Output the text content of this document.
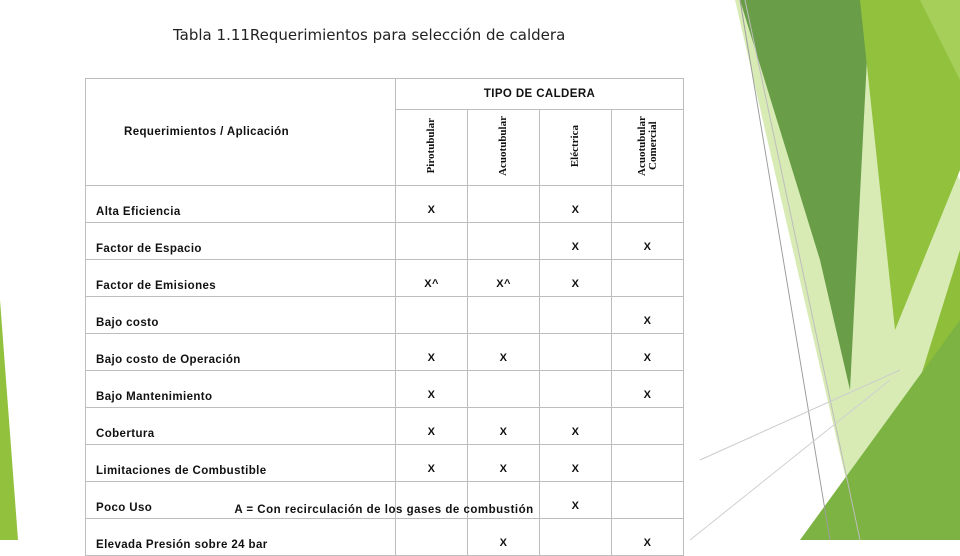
Tabla 1.11Requerimientos para selección de caldera
Requerimientos / Aplicación	TIPO DE CALDERA			
	Pirotubular	Acuotubular	Eléctrica	Acuotubular Comercial
Alta Eficiencia	X		X	
Factor de Espacio			X	X
Factor de Emisiones	X^	X^	X	
Bajo costo				X
Bajo costo de Operación	X	X		X
Bajo Mantenimiento	X			X
Cobertura	X	X	X	
Limitaciones de Combustible	X	X	X	
Poco Uso			X	
Elevada Presión sobre 24 bar		X		X
A = Con recirculación de los gases de combustión
